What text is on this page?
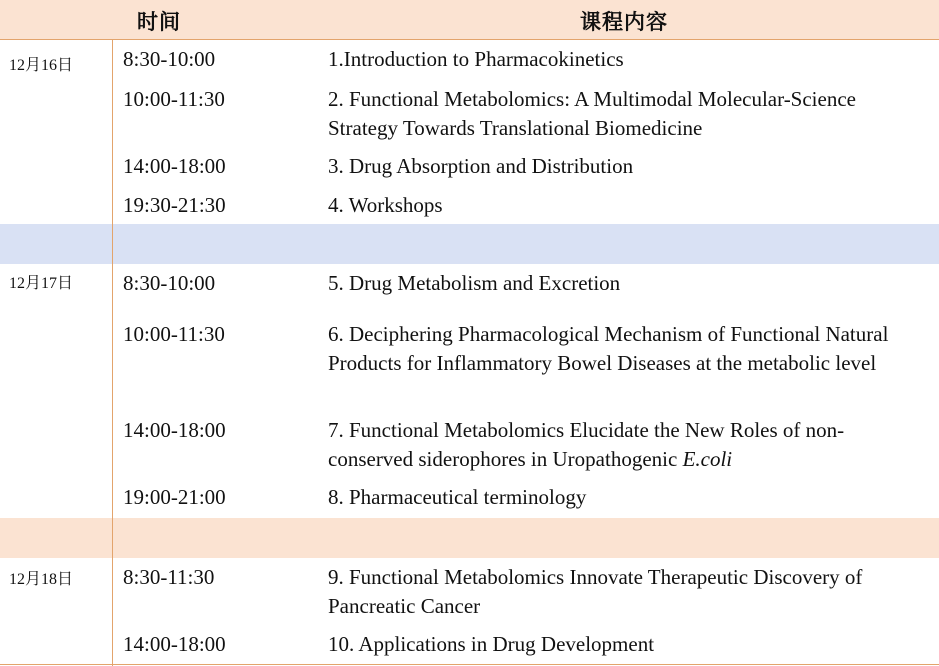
时间	课程内容
12月16日 8:30-10:00	1.Introduction to Pharmacokinetics
10:00-11:30	2. Functional Metabolomics: A Multimodal Molecular-Science Strategy Towards Translational Biomedicine
14:00-18:00	3. Drug Absorption and Distribution
19:30-21:30	4. Workshops
12月17日 8:30-10:00	5. Drug Metabolism and Excretion
10:00-11:30	6. Deciphering Pharmacological Mechanism of Functional Natural Products for Inflammatory Bowel Diseases at the metabolic level
14:00-18:00	7. Functional Metabolomics Elucidate the New Roles of non-conserved siderophores in Uropathogenic E.coli
19:00-21:00	8. Pharmaceutical terminology
12月18日 8:30-11:30	9. Functional Metabolomics Innovate Therapeutic Discovery of Pancreatic Cancer
14:00-18:00	10. Applications in Drug Development
